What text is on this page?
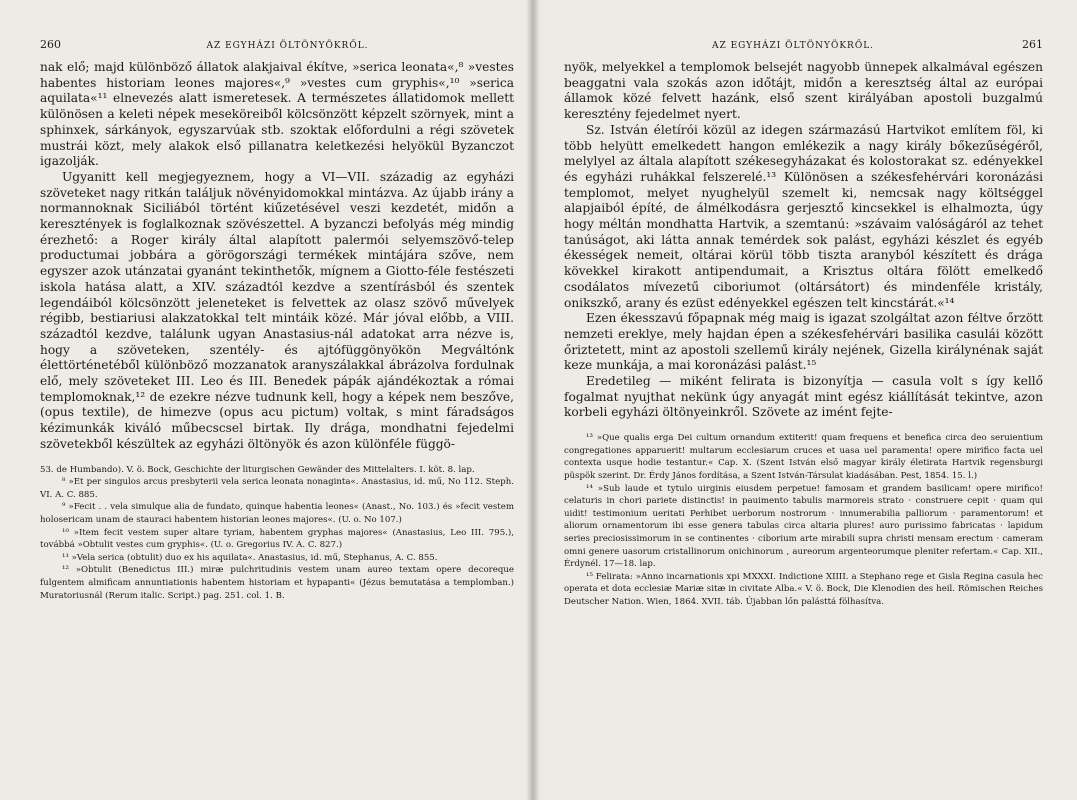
260	AZ EGYHÁZI ÖLTÖNYÖKRŐL.

nak elő; majd különböző állatok alakjaival ékítve, »serica leonata«,⁸ »vestes habentes historiam leones majores«,⁹ »vestes cum gryphis«,¹⁰ »serica aquilata«¹¹ elnevezés alatt ismeretesek. A természetes állatidomok mellett különösen a keleti népek meseköreiből kölcsönzött képzelt szörnyek, mint a sphinxek, sárkányok, egyszarvúak stb. szoktak előfordulni a régi szövetek mustrái közt, mely alakok első pillanatra keletkezési helyökül Byzanczot igazolják.

Ugyanitt kell megjegyeznem, hogy a VI—VII. századig az egyházi szöveteket nagy ritkán találjuk növényidomokkal mintázva. Az újabb irány a normannoknak Siciliából történt kiűzetésével veszi kezdetét, midőn a keresztények is foglalkoznak szövészettel. A byzanczi befolyás még mindig érezhető: a Roger király által alapított palermói selyemszövő-telep productumai jobbára a görögországi termékek mintájára szőve, nem egyszer azok utánzatai gyanánt tekinthetők, mígnem a Giotto-féle festészeti iskola hatása alatt, a XIV. századtól kezdve a szentírásból és szentek legendáiból kölcsönzött jeleneteket is felvettek az olasz szövő művelyek régibb, bestiariusi alakzatokkal telt mintáik közé. Már jóval előbb, a VIII. századtól kezdve, találunk ugyan Anastasius-nál adatokat arra nézve is, hogy a szöveteken, szentély- és ajtófüggönyökön Megváltónk élettörténetéből különböző mozzanatok aranyszálakkal ábrázolva fordulnak elő, mely szöveteket III. Leo és III. Benedek pápák ajándékoztak a római templomoknak,¹² de ezekre nézve tudnunk kell, hogy a képek nem beszőve, (opus textile), de himezve (opus acu pictum) voltak, s mint fáradságos kézimunkák kiváló műbecscsel birtak. Ily drága, mondhatni fejedelmi szövetekből készültek az egyházi öltönyök és azon különféle függö-

53. de Humbando). V. ö. Bock, Geschichte der liturgischen Gewänder des Mittelalters. I. köt. 8. lap.

⁸ »Et per singulos arcus presbyterii vela serica leonata nonaginta«. Anastasius, id. mű, No 112. Steph. VI. A. C. 885.

⁹ »Fecit . . vela simulque alia de fundato, quinque habentia leones« (Anast., No. 103.) és »fecit vestem holosericam unam de stauraci habentem historian leones majores«. (U. o. No 107.)

¹⁰ »Item fecit vestem super altare tyriam, habentem gryphas majores« (Anastasius, Leo III. 795.), továbbá »Obtulit vestes cum gryphis«. (U. o. Gregorius IV. A. C. 827.)

¹¹ »Vela serica (obtulit) duo ex his aquilata«. Anastasius, id. mű, Stephanus, A. C. 855.

¹² »Obtulit (Benedictus III.) miræ pulchritudinis vestem unam aureo textam opere decoreque fulgentem almificam annuntiationis habentem historiam et hypapanti« (Jézus bemutatása a templomban.) Muratoriusnál (Rerum italic. Script.) pag. 251. col. 1. B.

AZ EGYHÁZI ÖLTÖNYÖKRŐL.	261

nyök, melyekkel a templomok belsejét nagyobb ünnepek alkalmával egészen beaggatni vala szokás azon időtájt, midőn a keresztség által az európai államok közé felvett hazánk, első szent királyában apostoli buzgalmú keresztény fejedelmet nyert.

Sz. István életírói közül az idegen származású Hartvikot említem föl, ki több helyütt emelkedett hangon emlékezik a nagy király bőkezűségéről, melylyel az általa alapított székesegyházakat és kolostorakat sz. edényekkel és egyházi ruhákkal felszerelé.¹³ Különösen a székesfehérvári koronázási templomot, melyet nyughelyül szemelt ki, nemcsak nagy költséggel alapjaiból építé, de álmélkodásra gerjesztő kincsekkel is elhalmozta, úgy hogy méltán mondhatta Hartvik, a szemtanú: »szávaim valóságáról az tehet tanúságot, aki látta annak temérdek sok palást, egyházi készlet és egyéb ékességek nemeit, oltárai körül több tiszta aranyból készített és drága kövekkel kirakott antipendumait, a Krisztus oltára fölött emelkedő csodálatos mívezetű ciboriumot (oltársátort) és mindenféle kristály, onikszkő, arany és ezüst edényekkel egészen telt kincstárát.«¹⁴

Ezen ékesszavú főpapnak még maig is igazat szolgáltat azon féltve őrzött nemzeti ereklye, mely hajdan épen a székesfehérvári basilika casulái között őriztetett, mint az apostoli szellemű király nejének, Gizella királynénak saját keze munkája, a mai koronázási palást.¹⁵

Eredetileg — miként felirata is bizonyítja — casula volt s így kellő fogalmat nyujthat nekünk úgy anyagát mint egész kiállítását tekintve, azon korbeli egyházi öltönyeinkről. Szövete az imént fejte-

¹³ »Que qualis erga Dei cultum ornandum extiterit! quam frequens et benefica circa deo seruientium congregationes apparuerit! multarum ecclesiarum cruces et uasa uel paramenta! opere mirifico facta uel contexta usque hodie testantur.« Cap. X. (Szent István első magyar király életirata Hartvik regensburgi püspök szerint. Dr. Érdy János fordítása, a Szent István-Társulat kiadásában. Pest, 1854. 15. l.)

¹⁴ »Sub laude et tytulo uirginis eiusdem perpetue! famosam et grandem basilicam! opere mirifico! celaturis in chori pariete distinctis! in pauimento tabulis marmoreis strato · construere cepit · quam qui uidit! testimonium ueritati Perhibet uerborum nostrorum · innumerabilia palliorum · paramentorum! et aliorum ornamentorum ibi esse genera tabulas circa altaria plures! auro purissimo fabricatas · lapidum series preciosissimorum in se continentes · ciborium arte mirabili supra christi mensam erectum · cameram omni genere uasorum cristallinorum onichinorum , aureorum argenteorumque pleniter refertam.« Cap. XII., Érdynél. 17—18. lap.

¹⁵ Felirata: »Anno incarnationis xpi MXXXI. Indictione XIIII. a Stephano rege et Gisla Regina casula hec operata et dota ecclesiæ Mariæ sitæ in civitate Alba.« V. ö. Bock, Die Klenodien des heil. Römischen Reiches Deutscher Nation. Wien, 1864. XVII. táb. Újabban lőn palásttá fölhasítva.
